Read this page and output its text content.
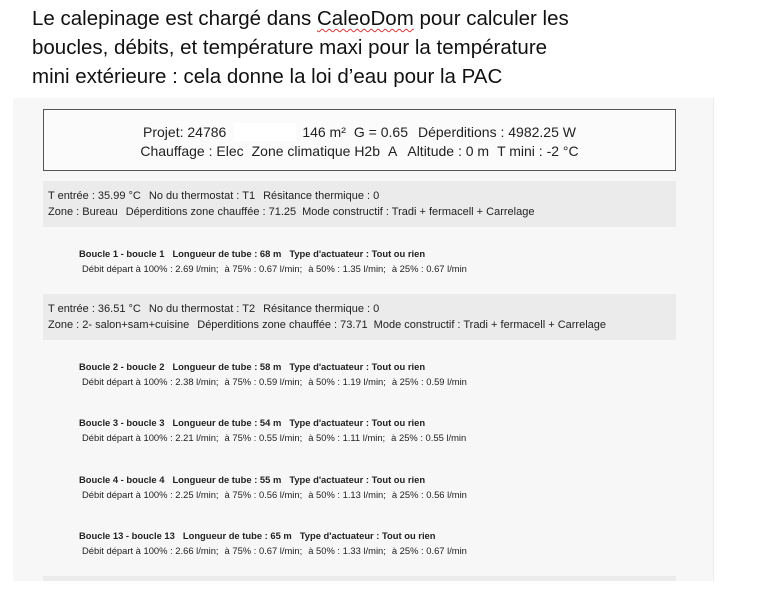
Le calepinage est chargé dans CaleoDom pour calculer les
boucles, débits, et température maxi pour la température
mini extérieure : cela donne la loi d’eau pour la PAC
Projet: 24786	146 m² G = 0.65 Déperditions : 4982.25 W
Chauffage : Elec Zone climatique H2b A Altitude : 0 m T mini : -2 °C
T entrée : 35.99 °C No du thermostat : T1 Résitance thermique : 0
Zone : Bureau Déperditions zone chauffée : 71.25 Mode constructif : Tradi + fermacell + Carrelage
Boucle 1 - boucle 1 Longueur de tube : 68 m Type d'actuateur : Tout ou rien
Débit départ à 100% : 2.69 l/min; à 75% : 0.67 l/min; à 50% : 1.35 l/min; à 25% : 0.67 l/min
T entrée : 36.51 °C No du thermostat : T2 Résitance thermique : 0
Zone : 2- salon+sam+cuisine Déperditions zone chauffée : 73.71 Mode constructif : Tradi + fermacell + Carrelage
Boucle 2 - boucle 2 Longueur de tube : 58 m Type d'actuateur : Tout ou rien
Débit départ à 100% : 2.38 l/min; à 75% : 0.59 l/min; à 50% : 1.19 l/min; à 25% : 0.59 l/min
Boucle 3 - boucle 3 Longueur de tube : 54 m Type d'actuateur : Tout ou rien
Débit départ à 100% : 2.21 l/min; à 75% : 0.55 l/min; à 50% : 1.11 l/min; à 25% : 0.55 l/min
Boucle 4 - boucle 4 Longueur de tube : 55 m Type d'actuateur : Tout ou rien
Débit départ à 100% : 2.25 l/min; à 75% : 0.56 l/min; à 50% : 1.13 l/min; à 25% : 0.56 l/min
Boucle 13 - boucle 13 Longueur de tube : 65 m Type d'actuateur : Tout ou rien
Débit départ à 100% : 2.66 l/min; à 75% : 0.67 l/min; à 50% : 1.33 l/min; à 25% : 0.67 l/min
